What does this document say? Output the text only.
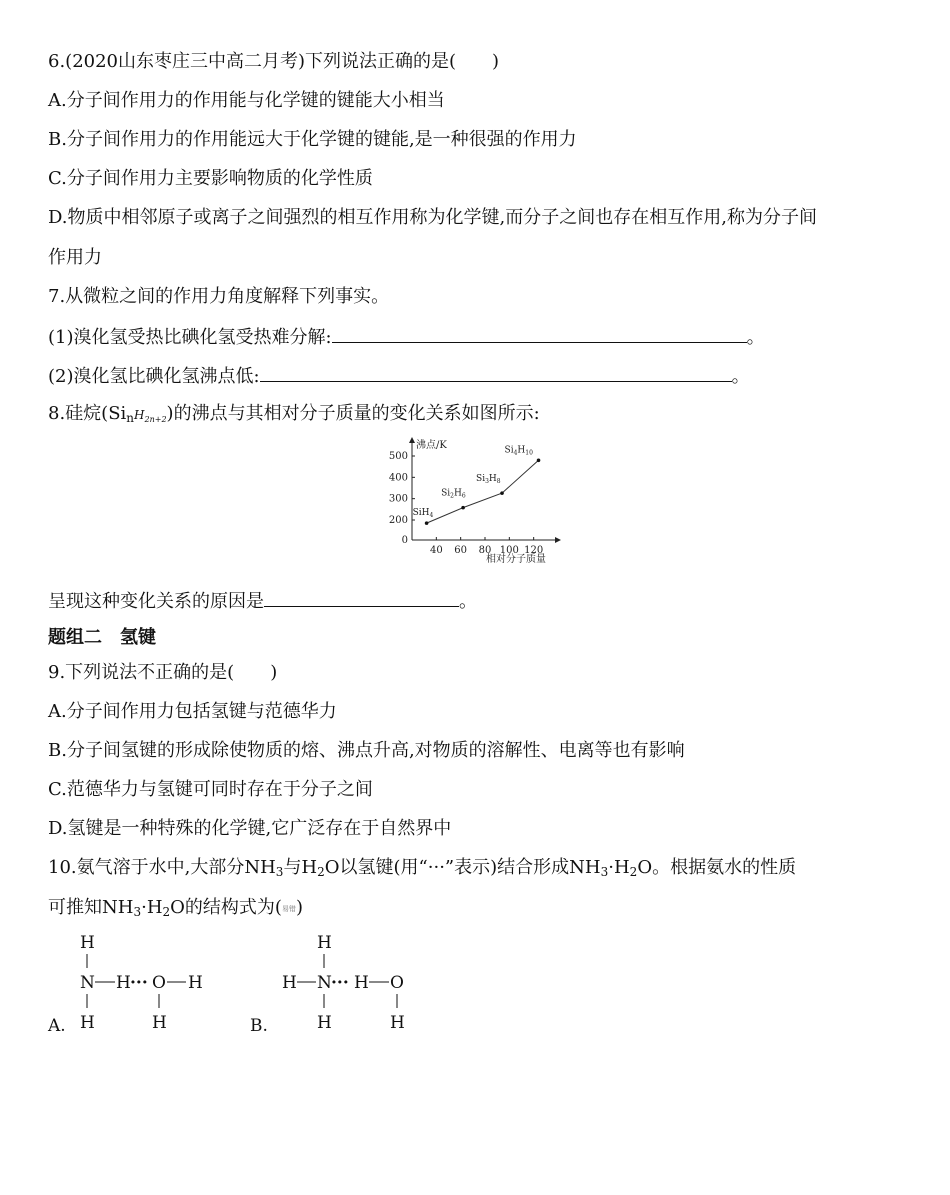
6.(2020山东枣庄三中高二月考)下列说法正确的是(　　)
A.分子间作用力的作用能与化学键的键能大小相当
B.分子间作用力的作用能远大于化学键的键能,是一种很强的作用力
C.分子间作用力主要影响物质的化学性质
D.物质中相邻原子或离子之间强烈的相互作用称为化学键,而分子之间也存在相互作用,称为分子间
作用力
7.从微粒之间的作用力角度解释下列事实。
(1)溴化氢受热比碘化氢受热难分解:	。
(2)溴化氢比碘化氢沸点低:	。
8.硅烷$(Si_nH_{2n+2})$的沸点与其相对分子质量的变化关系如图所示:
沸点/K
相对分子质量
0
200
300
400
500
40 60 80 100 120
SiH$_4$
$Si_2H_6$
$Si_3H_8$
$Si_4H_{10}$
呈现这种变化关系的原因是	。
题组二　氢键
9.下列说法不正确的是(　　)
A.分子间作用力包括氢键与范德华力
B.分子间氢键的形成除使物质的熔、沸点升高,对物质的溶解性、电离等也有影响
C.范德华力与氢键可同时存在于分子之间
D.氢键是一种特殊的化学键,它广泛存在于自然界中
10.氨气溶于水中,大部分$NH_3$与$H_2O$以氢键(用“···”表示)结合形成$NH_3\cdot H_2O$。根据氨水的性质
可推知$NH_3\cdot H_2O$的结构式为(易错)
A.
H
N H ··· O H
H	H	B.
H
H N ··· H O
H	H
